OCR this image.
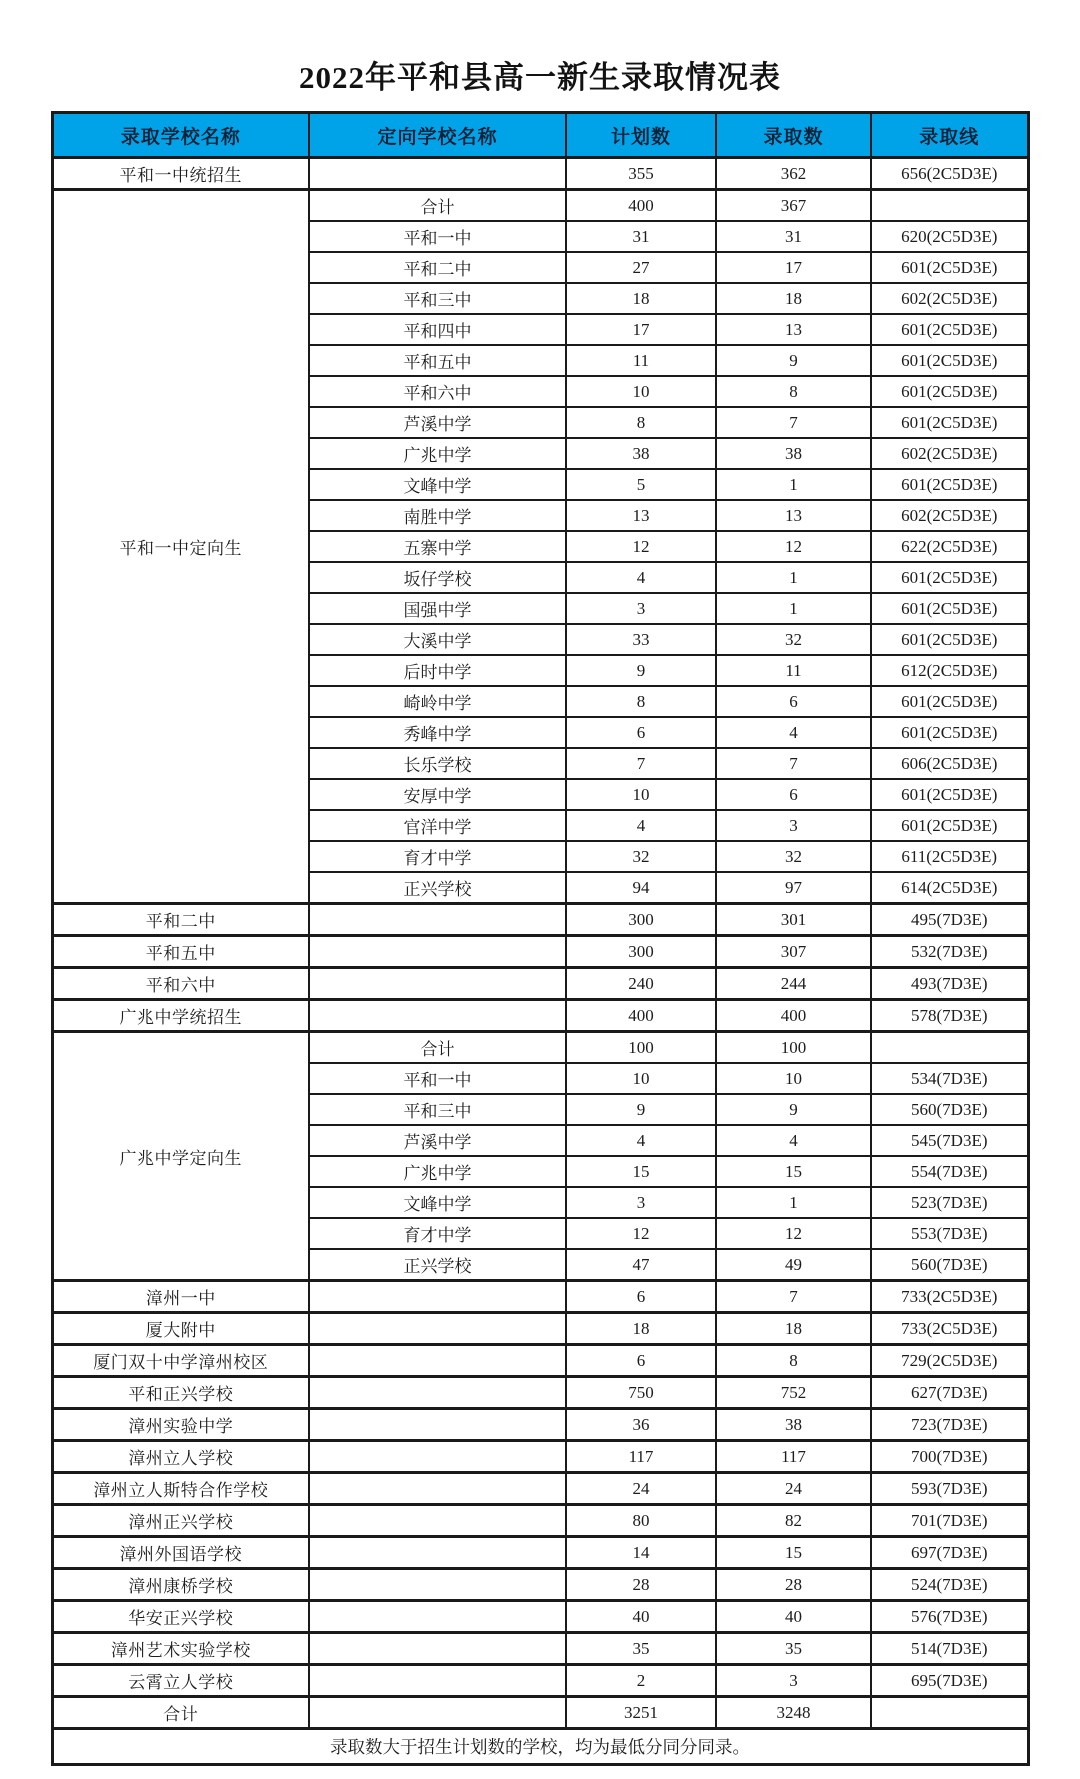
2022年平和县高一新生录取情况表
录取学校名称	定向学校名称	计划数	录取数	录取线
平和一中统招生		355	362	656(2C5D3E)
平和一中定向生	合计	400	367	
	平和一中	31	31	620(2C5D3E)
	平和二中	27	17	601(2C5D3E)
	平和三中	18	18	602(2C5D3E)
	平和四中	17	13	601(2C5D3E)
	平和五中	11	9	601(2C5D3E)
	平和六中	10	8	601(2C5D3E)
	芦溪中学	8	7	601(2C5D3E)
	广兆中学	38	38	602(2C5D3E)
	文峰中学	5	1	601(2C5D3E)
	南胜中学	13	13	602(2C5D3E)
	五寨中学	12	12	622(2C5D3E)
	坂仔学校	4	1	601(2C5D3E)
	国强中学	3	1	601(2C5D3E)
	大溪中学	33	32	601(2C5D3E)
	后时中学	9	11	612(2C5D3E)
	崎岭中学	8	6	601(2C5D3E)
	秀峰中学	6	4	601(2C5D3E)
	长乐学校	7	7	606(2C5D3E)
	安厚中学	10	6	601(2C5D3E)
	官洋中学	4	3	601(2C5D3E)
	育才中学	32	32	611(2C5D3E)
	正兴学校	94	97	614(2C5D3E)
平和二中		300	301	495(7D3E)
平和五中		300	307	532(7D3E)
平和六中		240	244	493(7D3E)
广兆中学统招生		400	400	578(7D3E)
广兆中学定向生	合计	100	100	
	平和一中	10	10	534(7D3E)
	平和三中	9	9	560(7D3E)
	芦溪中学	4	4	545(7D3E)
	广兆中学	15	15	554(7D3E)
	文峰中学	3	1	523(7D3E)
	育才中学	12	12	553(7D3E)
	正兴学校	47	49	560(7D3E)
漳州一中		6	7	733(2C5D3E)
厦大附中		18	18	733(2C5D3E)
厦门双十中学漳州校区		6	8	729(2C5D3E)
平和正兴学校		750	752	627(7D3E)
漳州实验中学		36	38	723(7D3E)
漳州立人学校		117	117	700(7D3E)
漳州立人斯特合作学校		24	24	593(7D3E)
漳州正兴学校		80	82	701(7D3E)
漳州外国语学校		14	15	697(7D3E)
漳州康桥学校		28	28	524(7D3E)
华安正兴学校		40	40	576(7D3E)
漳州艺术实验学校		35	35	514(7D3E)
云霄立人学校		2	3	695(7D3E)
合计		3251	3248	
录取数大于招生计划数的学校，均为最低分同分同录。				
